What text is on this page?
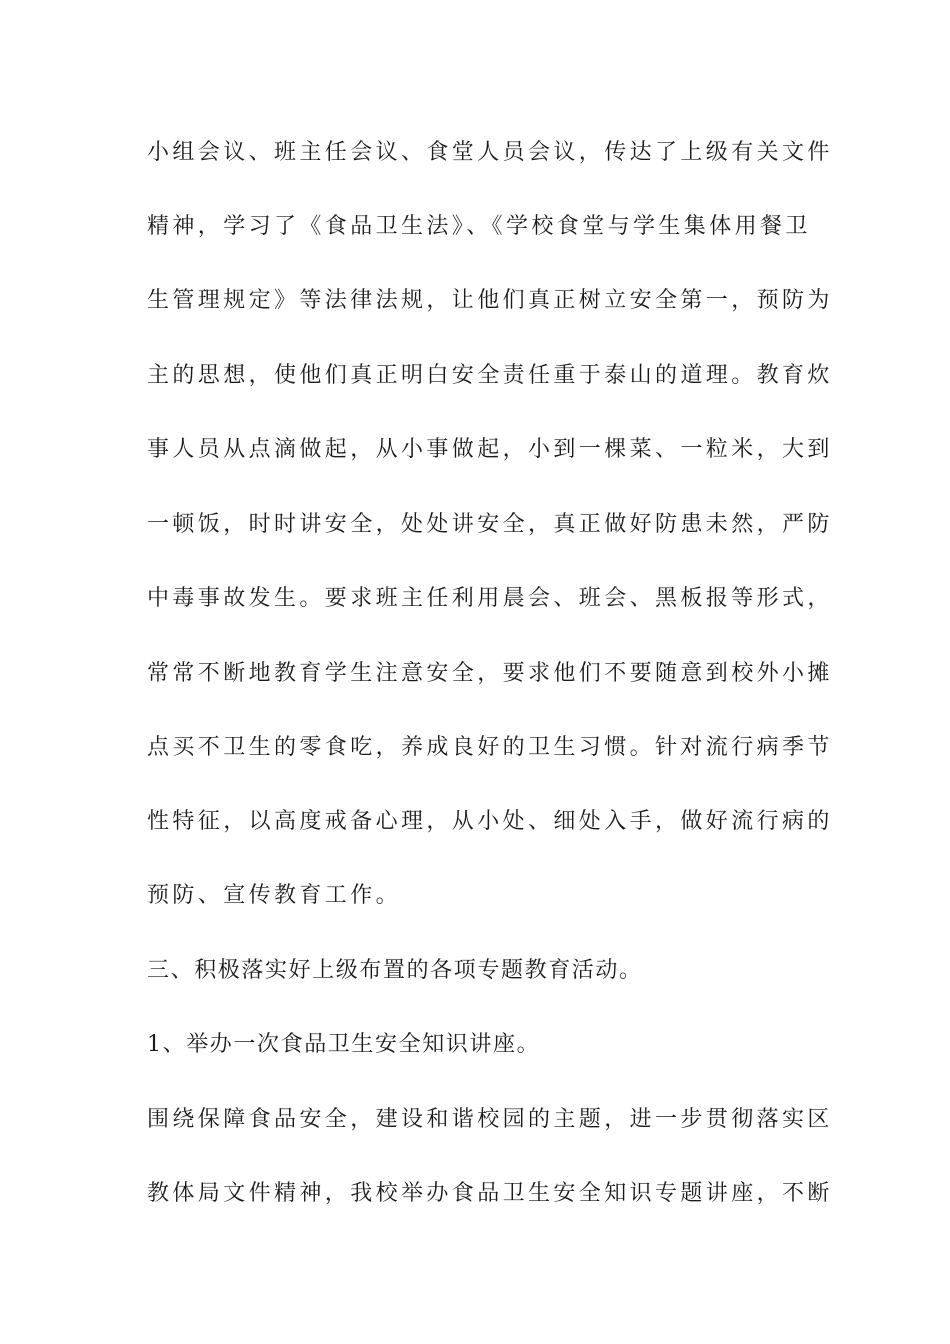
小组会议、班主任会议、食堂人员会议，传达了上级有关文件
精神，学习了《食品卫生法》、《学校食堂与学生集体用餐卫
生管理规定》等法律法规，让他们真正树立安全第一，预防为
主的思想，使他们真正明白安全责任重于泰山的道理。教育炊
事人员从点滴做起，从小事做起，小到一棵菜、一粒米，大到
一顿饭，时时讲安全，处处讲安全，真正做好防患未然，严防
中毒事故发生。要求班主任利用晨会、班会、黑板报等形式，
常常不断地教育学生注意安全，要求他们不要随意到校外小摊
点买不卫生的零食吃，养成良好的卫生习惯。针对流行病季节
性特征，以高度戒备心理，从小处、细处入手，做好流行病的
预防、宣传教育工作。
三、积极落实好上级布置的各项专题教育活动。
1、举办一次食品卫生安全知识讲座。
围绕保障食品安全，建设和谐校园的主题，进一步贯彻落实区
教体局文件精神，我校举办食品卫生安全知识专题讲座，不断
